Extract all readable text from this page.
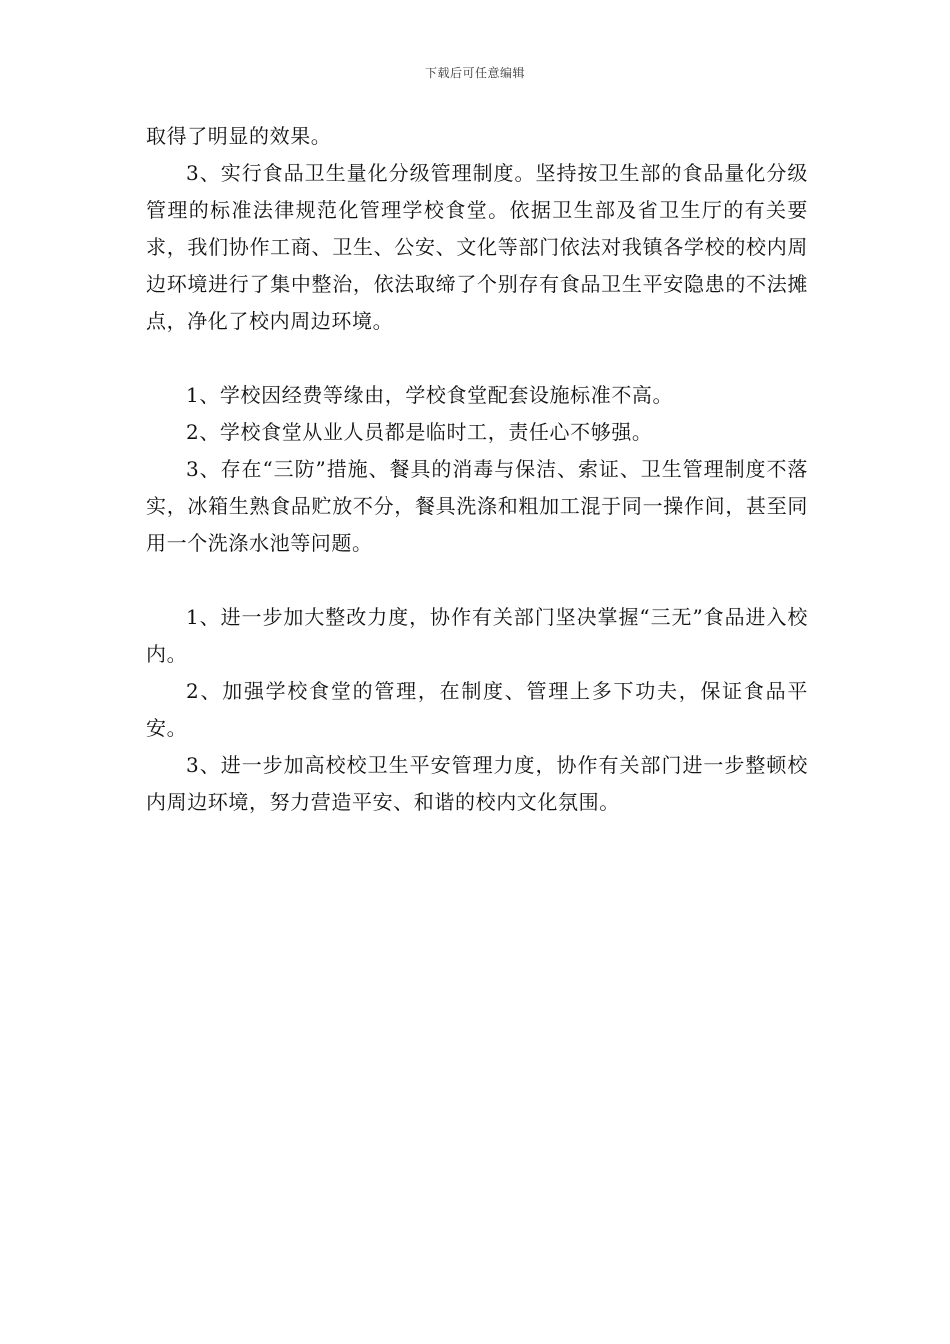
下载后可任意编辑

取得了明显的效果。

3、实行食品卫生量化分级管理制度。坚持按卫生部的食品量化分级管理的标准法律规范化管理学校食堂。依据卫生部及省卫生厅的有关要求，我们协作工商、卫生、公安、文化等部门依法对我镇各学校的校内周边环境进行了集中整治，依法取缔了个别存有食品卫生平安隐患的不法摊点，净化了校内周边环境。

1、学校因经费等缘由，学校食堂配套设施标准不高。

2、学校食堂从业人员都是临时工，责任心不够强。

3、存在“三防”措施、餐具的消毒与保洁、索证、卫生管理制度不落实，冰箱生熟食品贮放不分，餐具洗涤和粗加工混于同一操作间，甚至同用一个洗涤水池等问题。

1、进一步加大整改力度，协作有关部门坚决掌握“三无”食品进入校内。

2、加强学校食堂的管理，在制度、管理上多下功夫，保证食品平安。

3、进一步加高校校卫生平安管理力度，协作有关部门进一步整顿校内周边环境，努力营造平安、和谐的校内文化氛围。
